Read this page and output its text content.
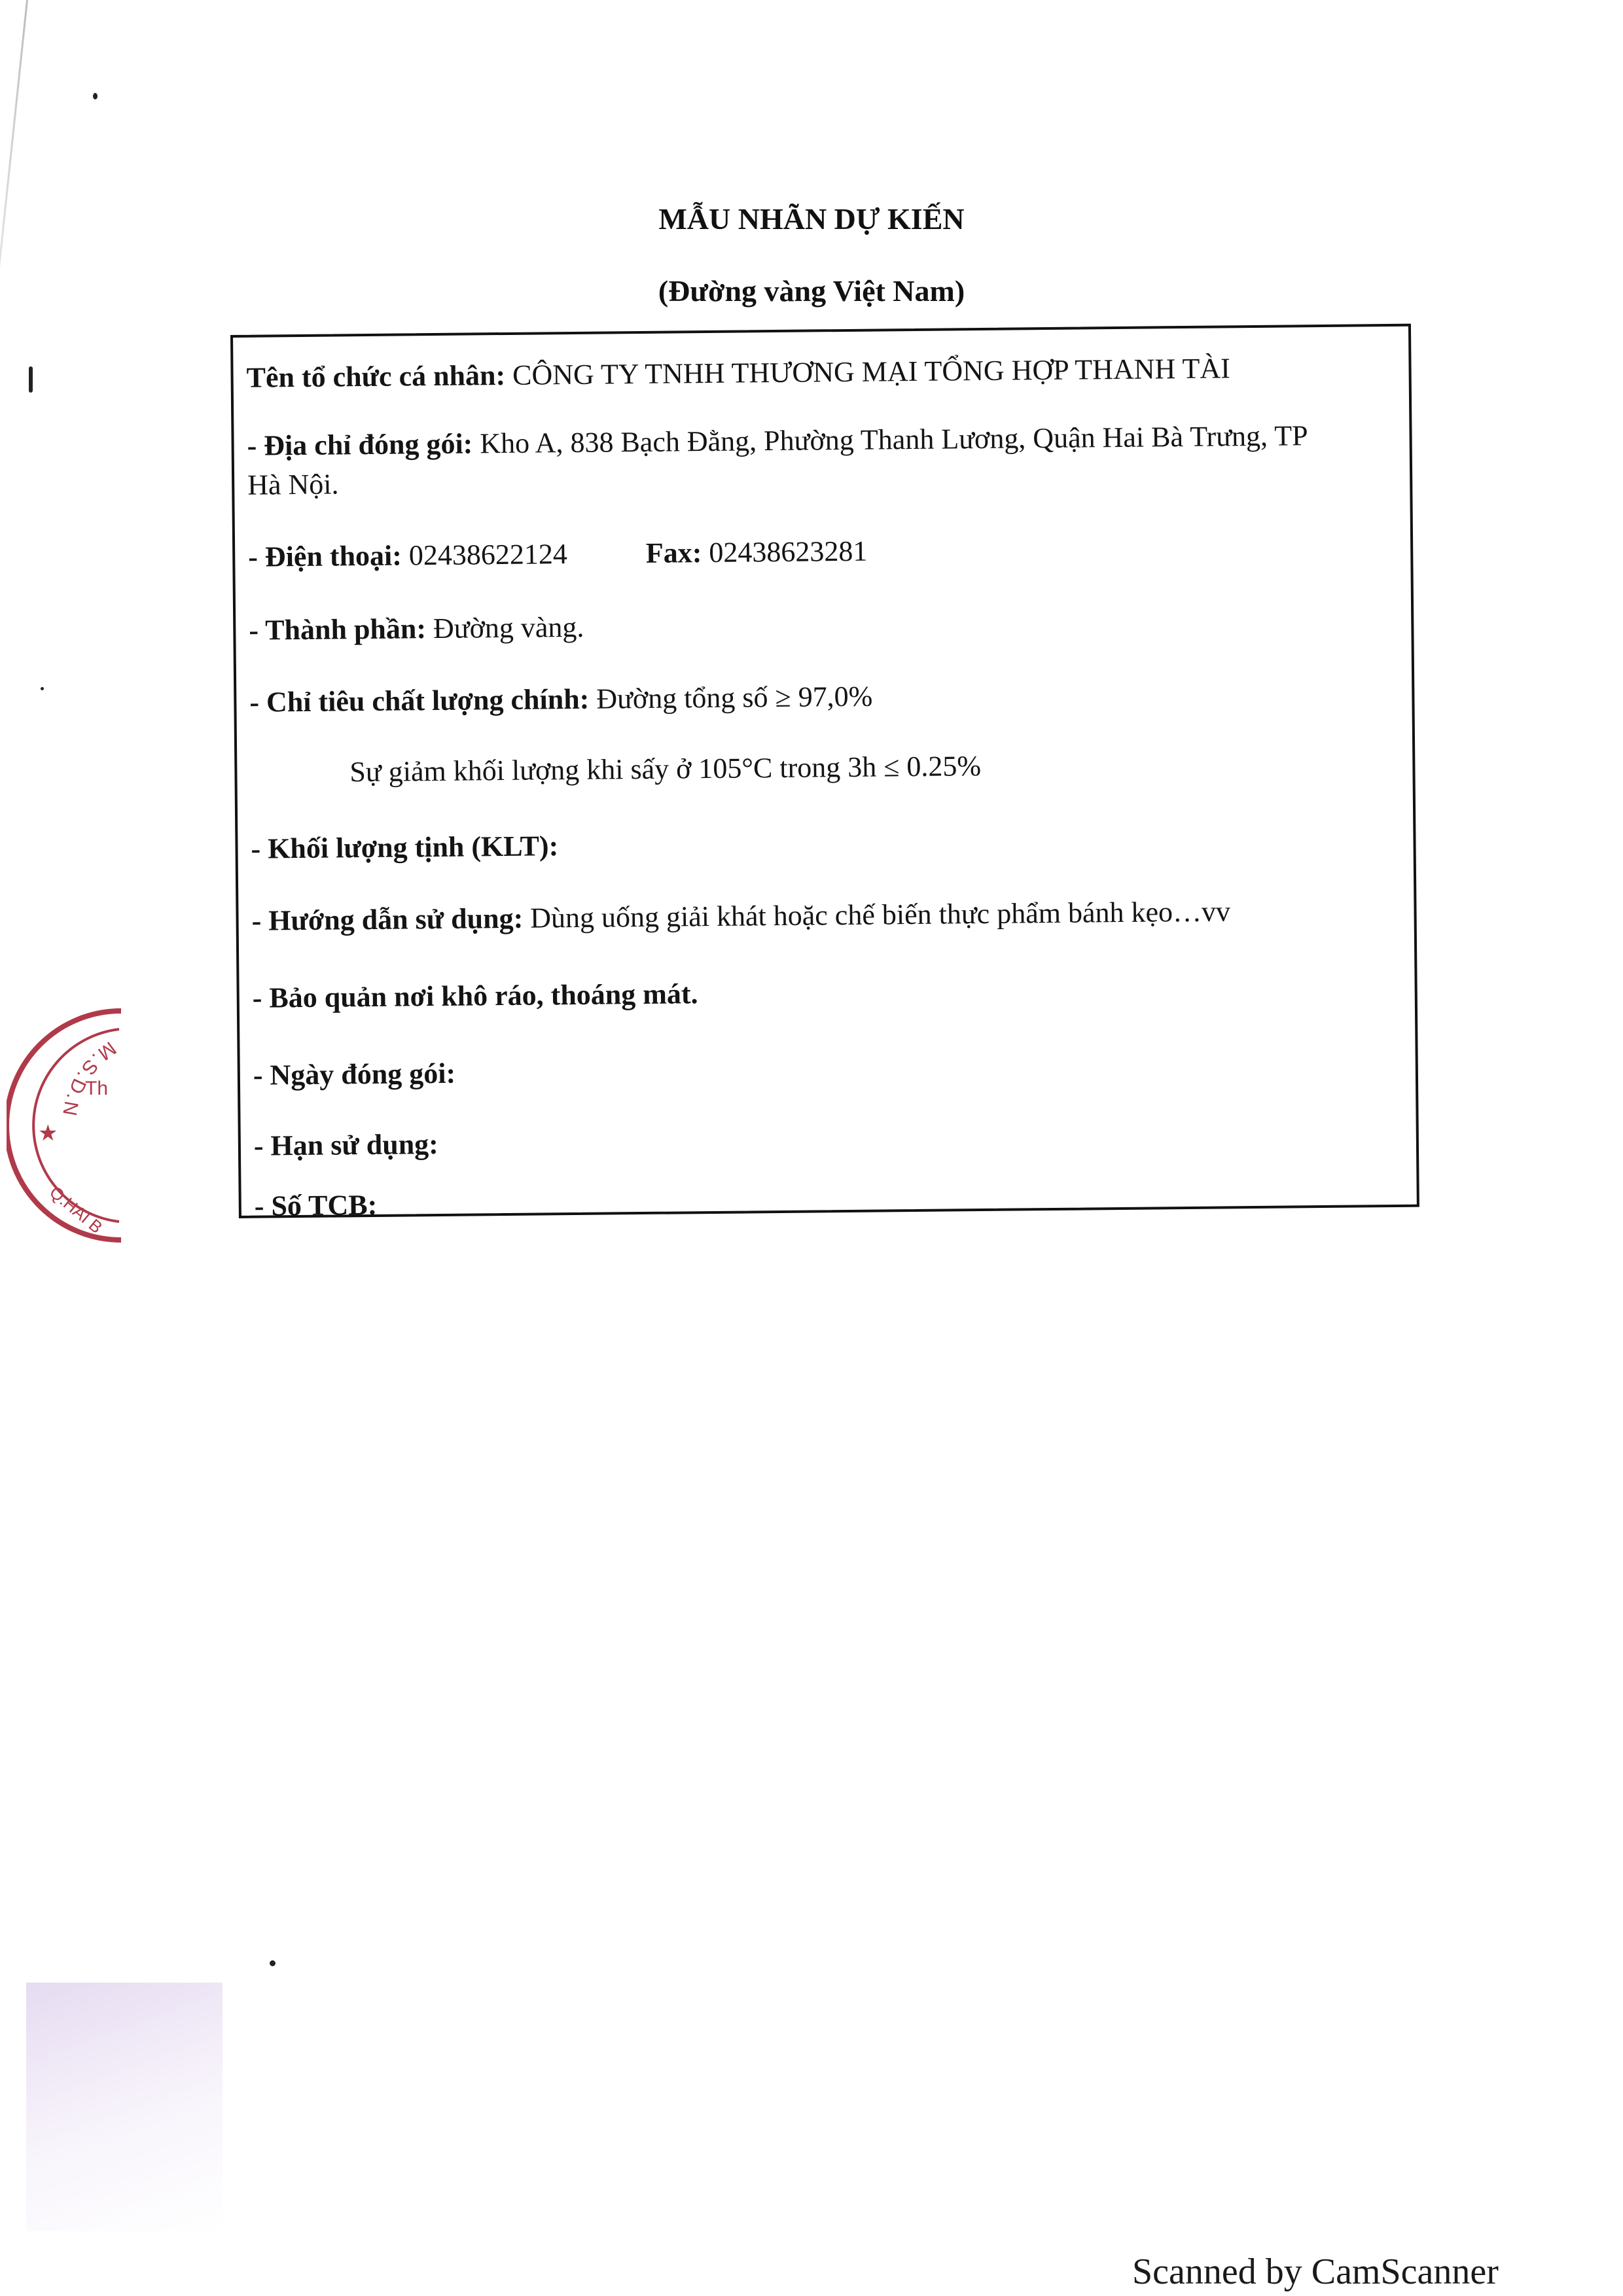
MẪU NHÃN DỰ KIẾN
(Đường vàng Việt Nam)
Tên tổ chức cá nhân: CÔNG TY TNHH THƯƠNG MẠI TỔNG HỢP THANH TÀI
- Địa chỉ đóng gói: Kho A, 838 Bạch Đằng, Phường Thanh Lương, Quận Hai Bà Trưng, TP
Hà Nội.
- Điện thoại: 02438622124	Fax: 02438623281
- Thành phần: Đường vàng.
- Chỉ tiêu chất lượng chính: Đường tổng số ≥ 97,0%
Sự giảm khối lượng khi sấy ở 105°C trong 3h ≤ 0.25%
- Khối lượng tịnh (KLT):
- Hướng dẫn sử dụng: Dùng uống giải khát hoặc chế biến thực phẩm bánh kẹo…vv
- Bảo quản nơi khô ráo, thoáng mát.
- Ngày đóng gói:
- Hạn sử dụng:
- Số TCB:
M.S.D.N
★
Th
Q.HAI B
Scanned by CamScanner
